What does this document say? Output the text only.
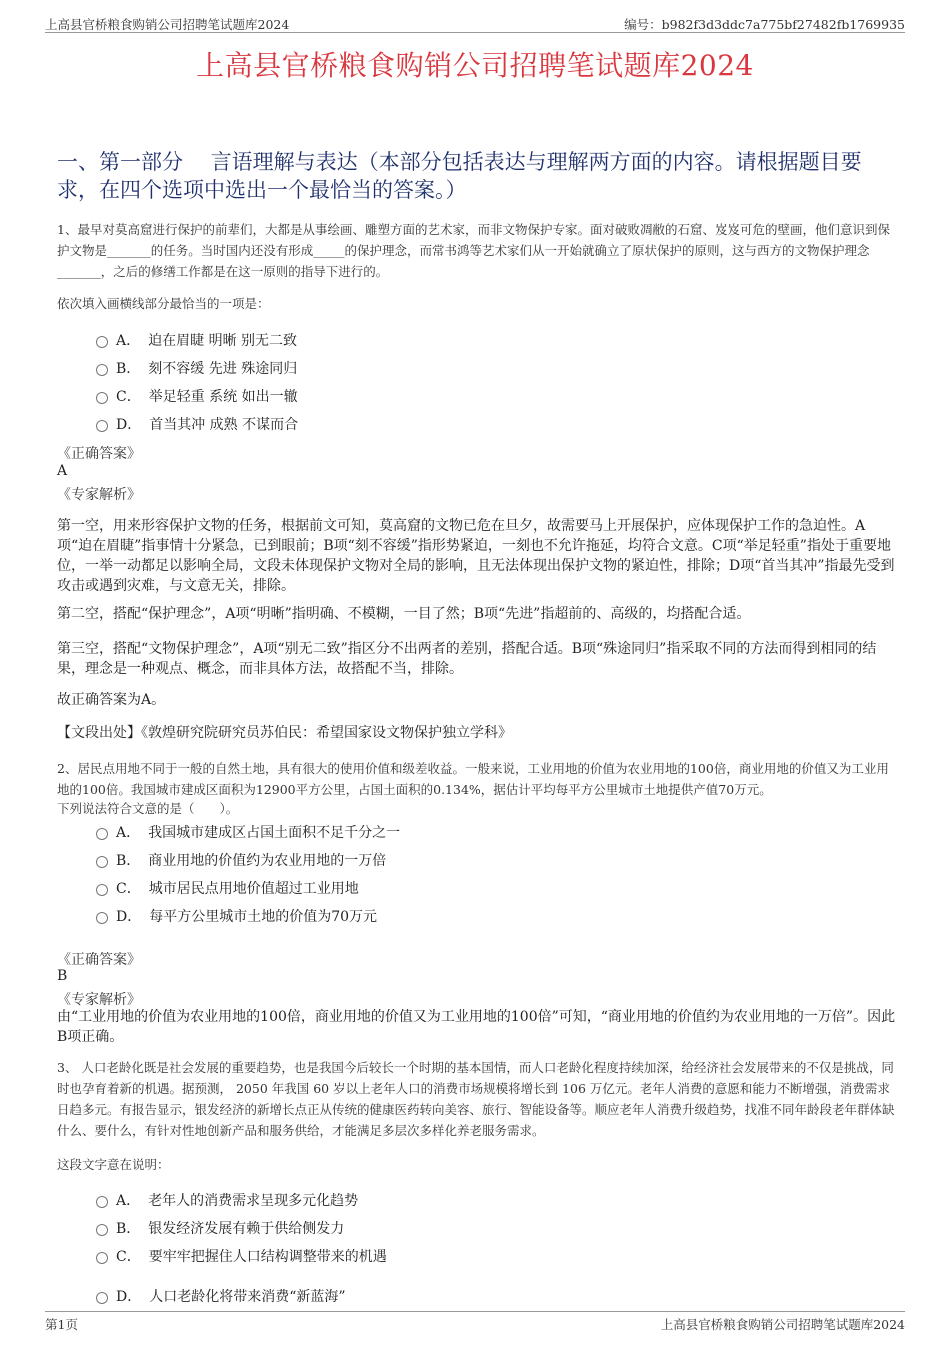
上高县官桥粮食购销公司招聘笔试题库2024	编号：b982f3d3ddc7a775bf27482fb1769935
上高县官桥粮食购销公司招聘笔试题库2024
一、第一部分　 言语理解与表达（本部分包括表达与理解两方面的内容。请根据题目要求，在四个选项中选出一个最恰当的答案。）
1、最早对莫高窟进行保护的前辈们，大都是从事绘画、雕塑方面的艺术家，而非文物保护专家。面对破败凋敝的石窟、岌岌可危的壁画，他们意识到保护文物是_______的任务。当时国内还没有形成_____的保护理念，而常书鸿等艺术家们从一开始就确立了原状保护的原则，这与西方的文物保护理念_______，之后的修缮工作都是在这一原则的指导下进行的。
依次填入画横线部分最恰当的一项是：
A． 迫在眉睫 明晰 别无二致
B． 刻不容缓 先进 殊途同归
C． 举足轻重 系统 如出一辙
D． 首当其冲 成熟 不谋而合
《正确答案》
A
《专家解析》
第一空，用来形容保护文物的任务，根据前文可知，莫高窟的文物已危在旦夕，故需要马上开展保护，应体现保护工作的急迫性。A项“迫在眉睫”指事情十分紧急，已到眼前；B项“刻不容缓”指形势紧迫，一刻也不允许拖延，均符合文意。C项“举足轻重”指处于重要地位，一举一动都足以影响全局，文段未体现保护文物对全局的影响，且无法体现出保护文物的紧迫性，排除；D项“首当其冲”指最先受到攻击或遇到灾难，与文意无关，排除。
第二空，搭配“保护理念”，A项“明晰”指明确、不模糊，一目了然；B项“先进”指超前的、高级的，均搭配合适。
第三空，搭配“文物保护理念”，A项“别无二致”指区分不出两者的差别，搭配合适。B项“殊途同归”指采取不同的方法而得到相同的结果，理念是一种观点、概念，而非具体方法，故搭配不当，排除。
故正确答案为A。
【文段出处】《敦煌研究院研究员苏伯民：希望国家设文物保护独立学科》
2、居民点用地不同于一般的自然土地，具有很大的使用价值和级差收益。一般来说，工业用地的价值为农业用地的100倍，商业用地的价值又为工业用地的100倍。我国城市建成区面积为12900平方公里，占国土面积的0.134%，据估计平均每平方公里城市土地提供产值70万元。
下列说法符合文意的是（　　）。
A． 我国城市建成区占国土面积不足千分之一
B． 商业用地的价值约为农业用地的一万倍
C． 城市居民点用地价值超过工业用地
D． 每平方公里城市土地的价值为70万元
《正确答案》
B
《专家解析》
由“工业用地的价值为农业用地的100倍，商业用地的价值又为工业用地的100倍”可知，“商业用地的价值约为农业用地的一万倍”。因此B项正确。
3、 人口老龄化既是社会发展的重要趋势，也是我国今后较长一个时期的基本国情，而人口老龄化程度持续加深，给经济社会发展带来的不仅是挑战，同时也孕育着新的机遇。据预测， 2050 年我国 60 岁以上老年人口的消费市场规模将增长到 106 万亿元。老年人消费的意愿和能力不断增强，消费需求日趋多元。有报告显示，银发经济的新增长点正从传统的健康医药转向美容、旅行、智能设备等。顺应老年人消费升级趋势，找准不同年龄段老年群体缺什么、要什么，有针对性地创新产品和服务供给，才能满足多层次多样化养老服务需求。
这段文字意在说明：
A． 老年人的消费需求呈现多元化趋势
B． 银发经济发展有赖于供给侧发力
C． 要牢牢把握住人口结构调整带来的机遇
D． 人口老龄化将带来消费“新蓝海”
第1页	上高县官桥粮食购销公司招聘笔试题库2024
